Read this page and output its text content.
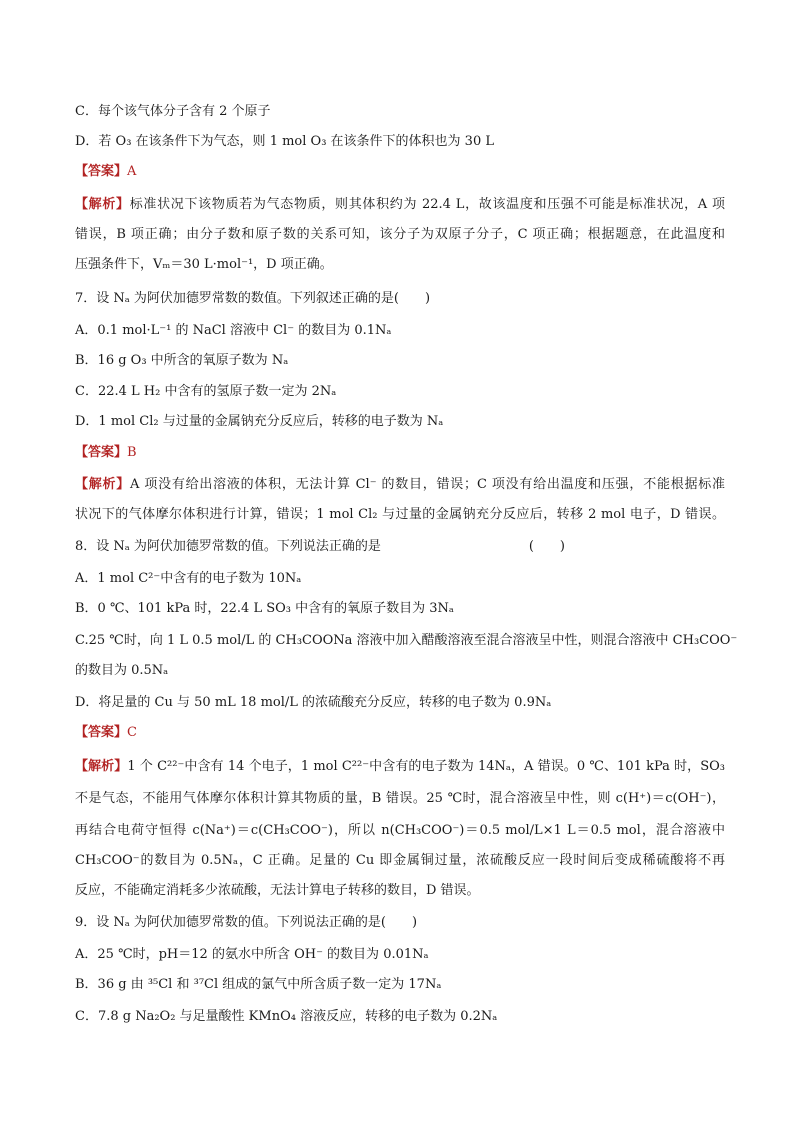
C．每个该气体分子含有 2 个原子
D．若 O₃ 在该条件下为气态，则 1 mol O₃ 在该条件下的体积也为 30 L
【答案】A
【解析】标准状况下该物质若为气态物质，则其体积约为 22.4 L，故该温度和压强不可能是标准状况，A 项
错误，B 项正确；由分子数和原子数的关系可知，该分子为双原子分子，C 项正确；根据题意，在此温度和
压强条件下，Vₘ＝30 L·mol⁻¹，D 项正确。
7．设 Nₐ 为阿伏加德罗常数的数值。下列叙述正确的是(　　)
A．0.1 mol·L⁻¹ 的 NaCl 溶液中 Cl⁻ 的数目为 0.1Nₐ
B．16 g O₃ 中所含的氧原子数为 Nₐ
C．22.4 L H₂ 中含有的氢原子数一定为 2Nₐ
D．1 mol Cl₂ 与过量的金属钠充分反应后，转移的电子数为 Nₐ
【答案】B
【解析】A 项没有给出溶液的体积，无法计算 Cl⁻ 的数目，错误；C 项没有给出温度和压强，不能根据标准
状况下的气体摩尔体积进行计算，错误；1 mol Cl₂ 与过量的金属钠充分反应后，转移 2 mol 电子，D 错误。
8．设 Nₐ 为阿伏加德罗常数的值。下列说法正确的是	(　　)
A．1 mol C²⁻中含有的电子数为 10Nₐ
B．0 ℃、101 kPa 时，22.4 L SO₃ 中含有的氧原子数目为 3Nₐ
C.25 ℃时，向 1 L 0.5 mol/L 的 CH₃COONa 溶液中加入醋酸溶液至混合溶液呈中性，则混合溶液中 CH₃COO⁻
的数目为 0.5Nₐ
D．将足量的 Cu 与 50 mL 18 mol/L 的浓硫酸充分反应，转移的电子数为 0.9Nₐ
【答案】C
【解析】1 个 C²²⁻中含有 14 个电子，1 mol C²²⁻中含有的电子数为 14Nₐ，A 错误。0 ℃、101 kPa 时，SO₃
不是气态，不能用气体摩尔体积计算其物质的量，B 错误。25 ℃时，混合溶液呈中性，则 c(H⁺)＝c(OH⁻)，
再结合电荷守恒得 c(Na⁺)＝c(CH₃COO⁻)，所以 n(CH₃COO⁻)＝0.5 mol/L×1 L＝0.5 mol，混合溶液中
CH₃COO⁻的数目为 0.5Nₐ，C 正确。足量的 Cu 即金属铜过量，浓硫酸反应一段时间后变成稀硫酸将不再
反应，不能确定消耗多少浓硫酸，无法计算电子转移的数目，D 错误。
9．设 Nₐ 为阿伏加德罗常数的值。下列说法正确的是(　　)
A．25 ℃时，pH＝12 的氨水中所含 OH⁻ 的数目为 0.01Nₐ
B．36 g 由 ³⁵Cl 和 ³⁷Cl 组成的氯气中所含质子数一定为 17Nₐ
C．7.8 g Na₂O₂ 与足量酸性 KMnO₄ 溶液反应，转移的电子数为 0.2Nₐ
